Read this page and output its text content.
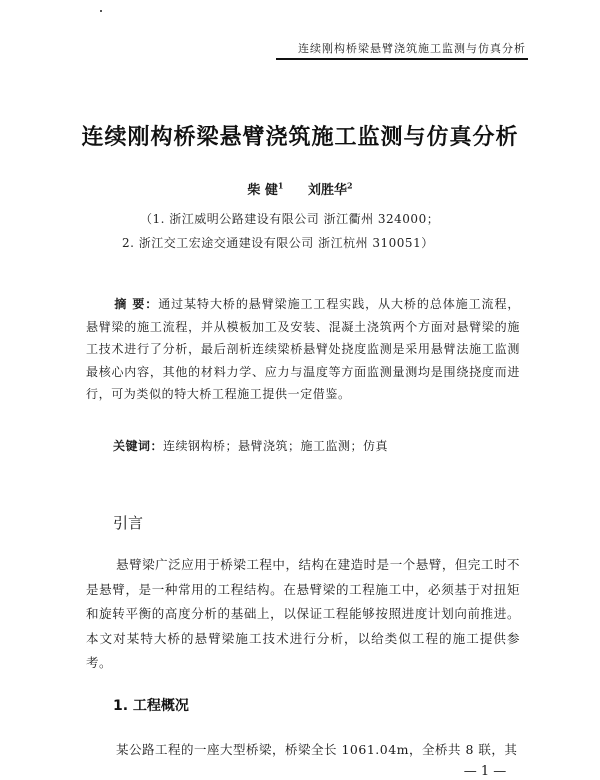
连续刚构桥梁悬臂浇筑施工监测与仿真分析
连续刚构桥梁悬臂浇筑施工监测与仿真分析
柴 健$^1$ 刘胜华$^2$
（1. 浙江威明公路建设有限公司 浙江衢州 324000；
2. 浙江交工宏途交通建设有限公司 浙江杭州 310051）
摘 要：通过某特大桥的悬臂梁施工工程实践，从大桥的总体施工流程，悬臂梁的施工流程，并从模板加工及安装、混凝土浇筑两个方面对悬臂梁的施工技术进行了分析，最后剖析连续梁桥悬臂处挠度监测是采用悬臂法施工监测最核心内容，其他的材料力学、应力与温度等方面监测量测均是围绕挠度而进行，可为类似的特大桥工程施工提供一定借鉴。
关键词：连续钢构桥；悬臂浇筑；施工监测；仿真
引言
悬臂梁广泛应用于桥梁工程中，结构在建造时是一个悬臂，但完工时不是悬臂，是一种常用的工程结构。在悬臂梁的工程施工中，必须基于对扭矩和旋转平衡的高度分析的基础上，以保证工程能够按照进度计划向前推进。本文对某特大桥的悬臂梁施工技术进行分析，以给类似工程的施工提供参考。
1. 工程概况
某公路工程的一座大型桥梁，桥梁全长 1061.04m，全桥共 8 联，其
— 1 —
